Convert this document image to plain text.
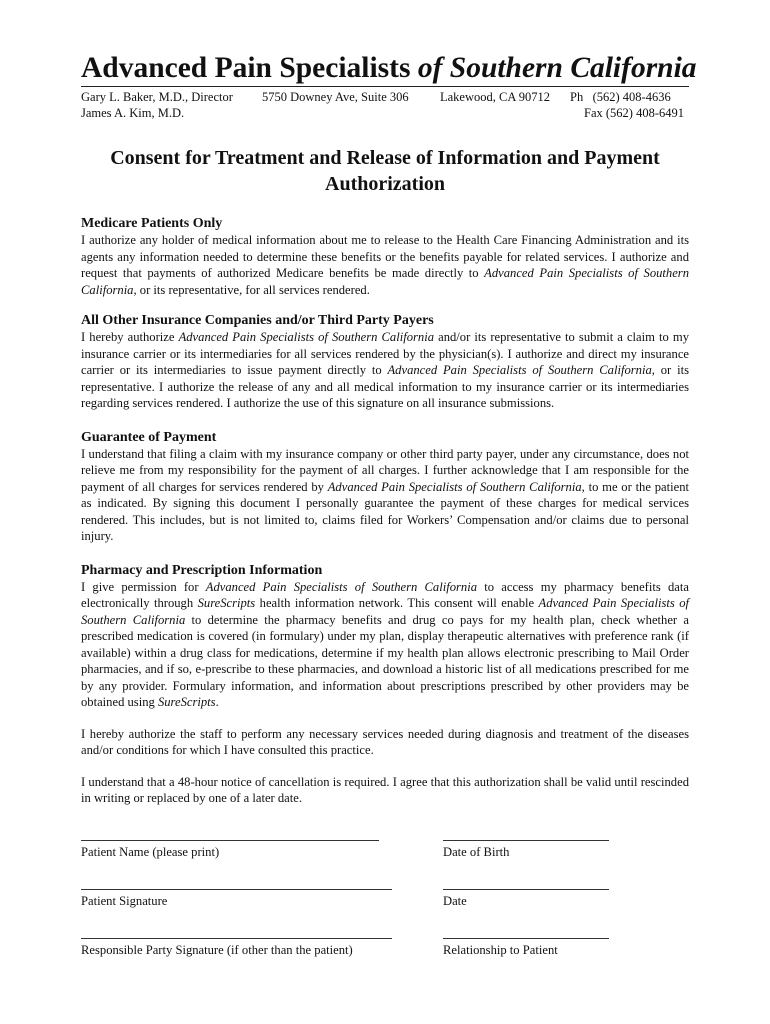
Advanced Pain Specialists of Southern California
Gary L. Baker, M.D., Director
James A. Kim, M.D.
5750 Downey Ave, Suite 306	Lakewood, CA 90712 Ph   (562) 408-4636
Fax (562) 408-6491
Consent for Treatment and Release of Information and Payment Authorization
Medicare Patients Only

I authorize any holder of medical information about me to release to the Health Care Financing Administration and its agents any information needed to determine these benefits or the benefits payable for related services. I authorize and request that payments of authorized Medicare benefits be made directly to Advanced Pain Specialists of Southern California, or its representative, for all services rendered.

All Other Insurance Companies and/or Third Party Payers

I hereby authorize Advanced Pain Specialists of Southern California and/or its representative to submit a claim to my insurance carrier or its intermediaries for all services rendered by the physician(s). I authorize and direct my insurance carrier or its intermediaries to issue payment directly to Advanced Pain Specialists of Southern California, or its representative. I authorize the release of any and all medical information to my insurance carrier or its intermediaries regarding services rendered. I authorize the use of this signature on all insurance submissions.

Guarantee of Payment

I understand that filing a claim with my insurance company or other third party payer, under any circumstance, does not relieve me from my responsibility for the payment of all charges. I further acknowledge that I am responsible for the payment of all charges for services rendered by Advanced Pain Specialists of Southern California, to me or the patient as indicated. By signing this document I personally guarantee the payment of these charges for medical services rendered. This includes, but is not limited to, claims filed for Workers’ Compensation and/or claims due to personal injury.

Pharmacy and Prescription Information

I give permission for Advanced Pain Specialists of Southern California to access my pharmacy benefits data electronically through SureScripts health information network. This consent will enable Advanced Pain Specialists of Southern California to determine the pharmacy benefits and drug co pays for my health plan, check whether a prescribed medication is covered (in formulary) under my plan, display therapeutic alternatives with preference rank (if available) within a drug class for medications, determine if my health plan allows electronic prescribing to Mail Order pharmacies, and if so, e-prescribe to these pharmacies, and download a historic list of all medications prescribed for me by any provider. Formulary information, and information about prescriptions prescribed by other providers may be obtained using SureScripts.

I hereby authorize the staff to perform any necessary services needed during diagnosis and treatment of the diseases and/or conditions for which I have consulted this practice.

I understand that a 48-hour notice of cancellation is required. I agree that this authorization shall be valid until rescinded in writing or replaced by one of a later date.

Patient Name (please print)	Date of Birth
Patient Signature	Date
Responsible Party Signature (if other than the patient)	Relationship to Patient
